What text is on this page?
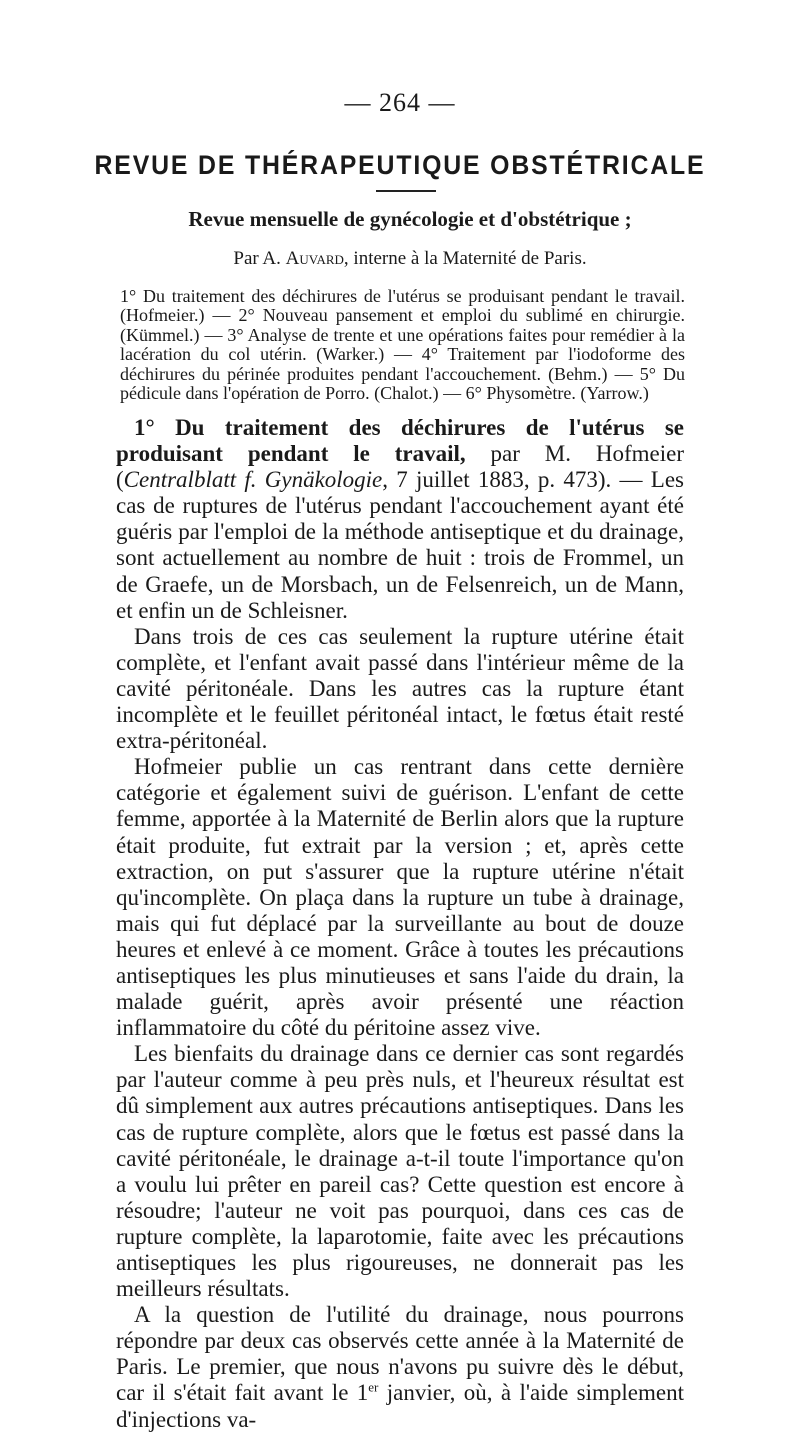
— 264 —
REVUE DE THÉRAPEUTIQUE OBSTÉTRICALE
Revue mensuelle de gynécologie et d'obstétrique ;
Par A. Auvard, interne à la Maternité de Paris.
1° Du traitement des déchirures de l'utérus se produisant pendant le travail. (Hofmeier.) — 2° Nouveau pansement et emploi du sublimé en chirurgie. (Kümmel.) — 3° Analyse de trente et une opérations faites pour remédier à la lacération du col utérin. (Warker.) — 4° Traitement par l'iodoforme des déchirures du périnée produites pendant l'accouchement. (Behm.) — 5° Du pédicule dans l'opération de Porro. (Chalot.) — 6° Physomètre. (Yarrow.)

1° Du traitement des déchirures de l'utérus se produisant pendant le travail, par M. Hofmeier (Centralblatt f. Gynäkologie, 7 juillet 1883, p. 473). — Les cas de ruptures de l'utérus pendant l'accouchement ayant été guéris par l'emploi de la méthode antiseptique et du drainage, sont actuellement au nombre de huit : trois de Frommel, un de Graefe, un de Morsbach, un de Felsenreich, un de Mann, et enfin un de Schleisner.

Dans trois de ces cas seulement la rupture utérine était complète, et l'enfant avait passé dans l'intérieur même de la cavité péritonéale. Dans les autres cas la rupture étant incomplète et le feuillet péritonéal intact, le fœtus était resté extra-péritonéal.

Hofmeier publie un cas rentrant dans cette dernière catégorie et également suivi de guérison. L'enfant de cette femme, apportée à la Maternité de Berlin alors que la rupture était produite, fut extrait par la version ; et, après cette extraction, on put s'assurer que la rupture utérine n'était qu'incomplète. On plaça dans la rupture un tube à drainage, mais qui fut déplacé par la surveillante au bout de douze heures et enlevé à ce moment. Grâce à toutes les précautions antiseptiques les plus minutieuses et sans l'aide du drain, la malade guérit, après avoir présenté une réaction inflammatoire du côté du péritoine assez vive.

Les bienfaits du drainage dans ce dernier cas sont regardés par l'auteur comme à peu près nuls, et l'heureux résultat est dû simplement aux autres précautions antiseptiques. Dans les cas de rupture complète, alors que le fœtus est passé dans la cavité péritonéale, le drainage a-t-il toute l'importance qu'on a voulu lui prêter en pareil cas? Cette question est encore à résoudre; l'auteur ne voit pas pourquoi, dans ces cas de rupture complète, la laparotomie, faite avec les précautions antiseptiques les plus rigoureuses, ne donnerait pas les meilleurs résultats.

A la question de l'utilité du drainage, nous pourrons répondre par deux cas observés cette année à la Maternité de Paris. Le premier, que nous n'avons pu suivre dès le début, car il s'était fait avant le 1er janvier, où, à l'aide simplement d'injections va-
